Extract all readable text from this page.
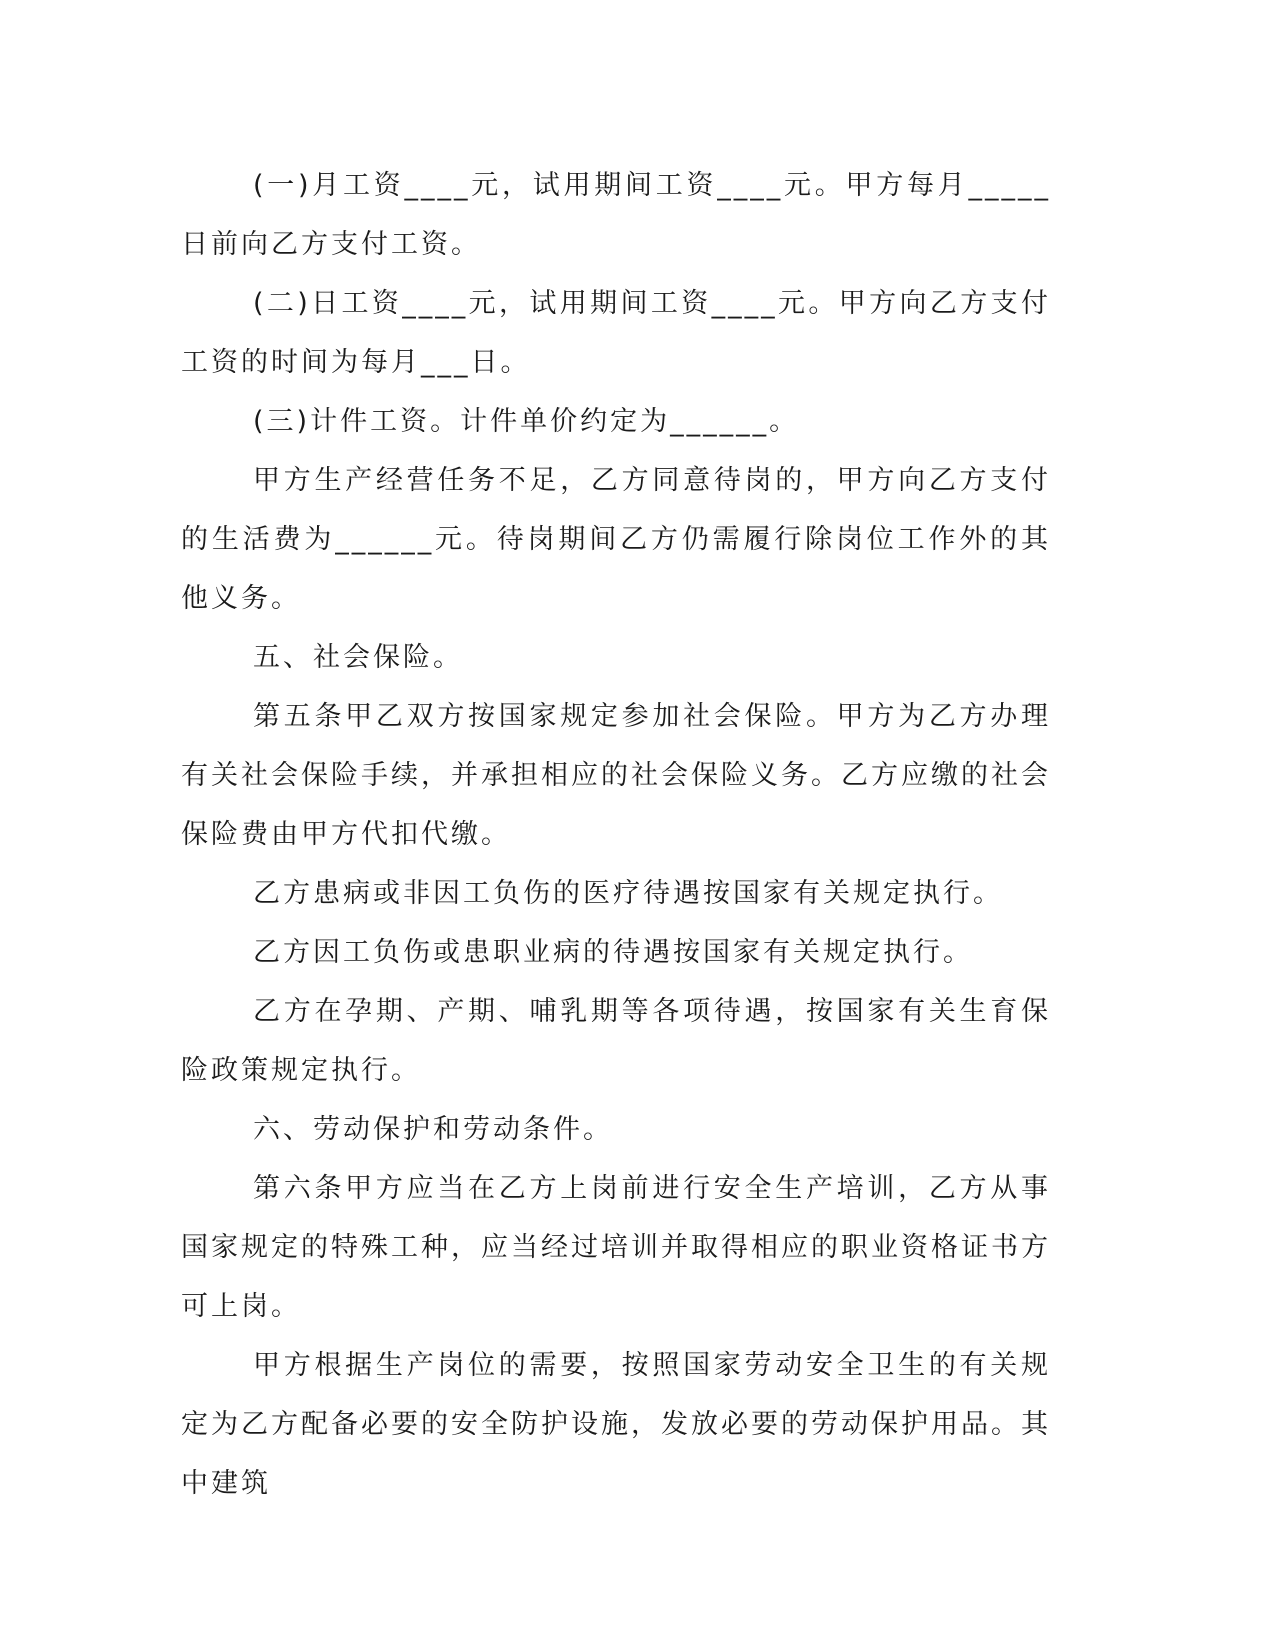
(一)月工资____元，试用期间工资____元。甲方每月_____日前向乙方支付工资。

(二)日工资____元，试用期间工资____元。甲方向乙方支付工资的时间为每月___日。

(三)计件工资。计件单价约定为______。

甲方生产经营任务不足，乙方同意待岗的，甲方向乙方支付的生活费为______元。待岗期间乙方仍需履行除岗位工作外的其他义务。

五、社会保险。

第五条甲乙双方按国家规定参加社会保险。甲方为乙方办理有关社会保险手续，并承担相应的社会保险义务。乙方应缴的社会保险费由甲方代扣代缴。

乙方患病或非因工负伤的医疗待遇按国家有关规定执行。

乙方因工负伤或患职业病的待遇按国家有关规定执行。

乙方在孕期、产期、哺乳期等各项待遇，按国家有关生育保险政策规定执行。

六、劳动保护和劳动条件。

第六条甲方应当在乙方上岗前进行安全生产培训，乙方从事国家规定的特殊工种，应当经过培训并取得相应的职业资格证书方可上岗。

甲方根据生产岗位的需要，按照国家劳动安全卫生的有关规定为乙方配备必要的安全防护设施，发放必要的劳动保护用品。其中建筑
